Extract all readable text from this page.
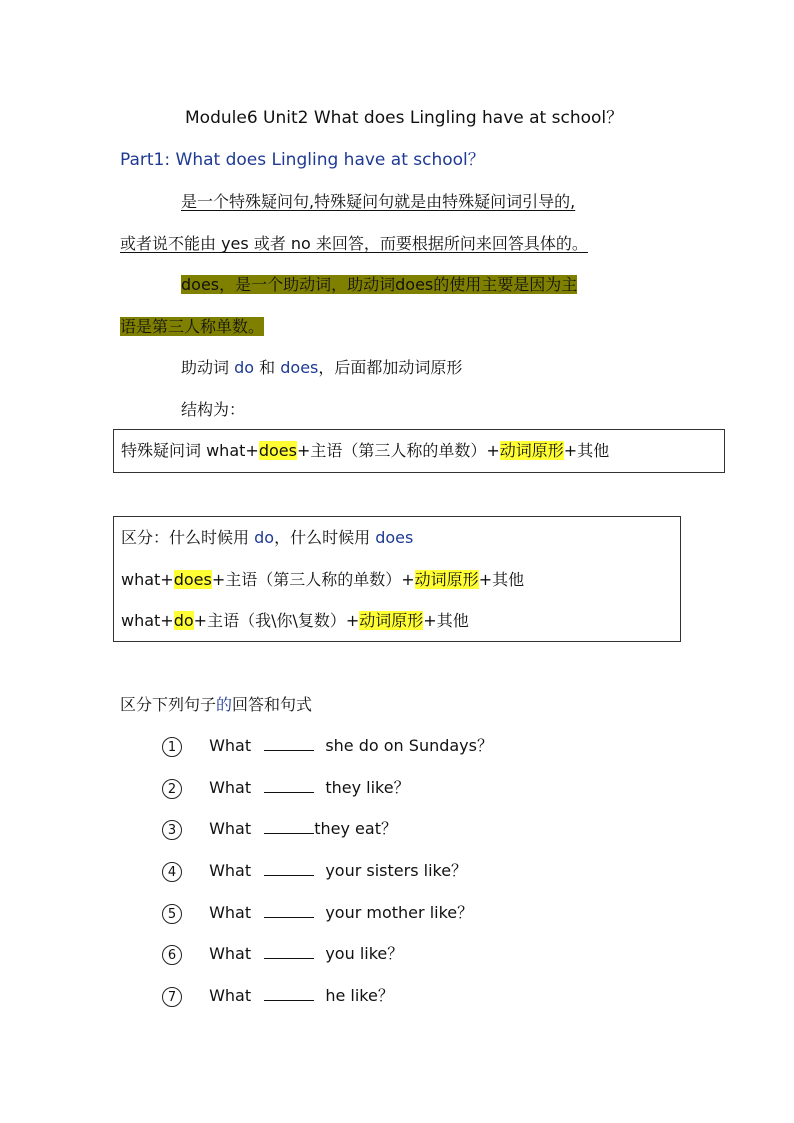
Module6 Unit2 What does Lingling have at school？
Part1: What does Lingling have at school？
是一个特殊疑问句,特殊疑问句就是由特殊疑问词引导的,
或者说不能由 yes 或者 no 来回答，而要根据所问来回答具体的。
does，是一个助动词，助动词does的使用主要是因为主
语是第三人称单数。
助动词 do 和 does，后面都加动词原形
结构为：
特殊疑问词 what+does+主语（第三人称的单数）+动词原形+其他
区分：什么时候用 do，什么时候用 does
what+does+主语（第三人称的单数）+动词原形+其他
what+do+主语（我\你\复数）+动词原形+其他
区分下列句子的回答和句式
1 What	she do on Sundays？
2 What	they like？
3 What	they eat？
4 What	your sisters like？
5 What	your mother like？
6 What	you like？
7 What	he like？
